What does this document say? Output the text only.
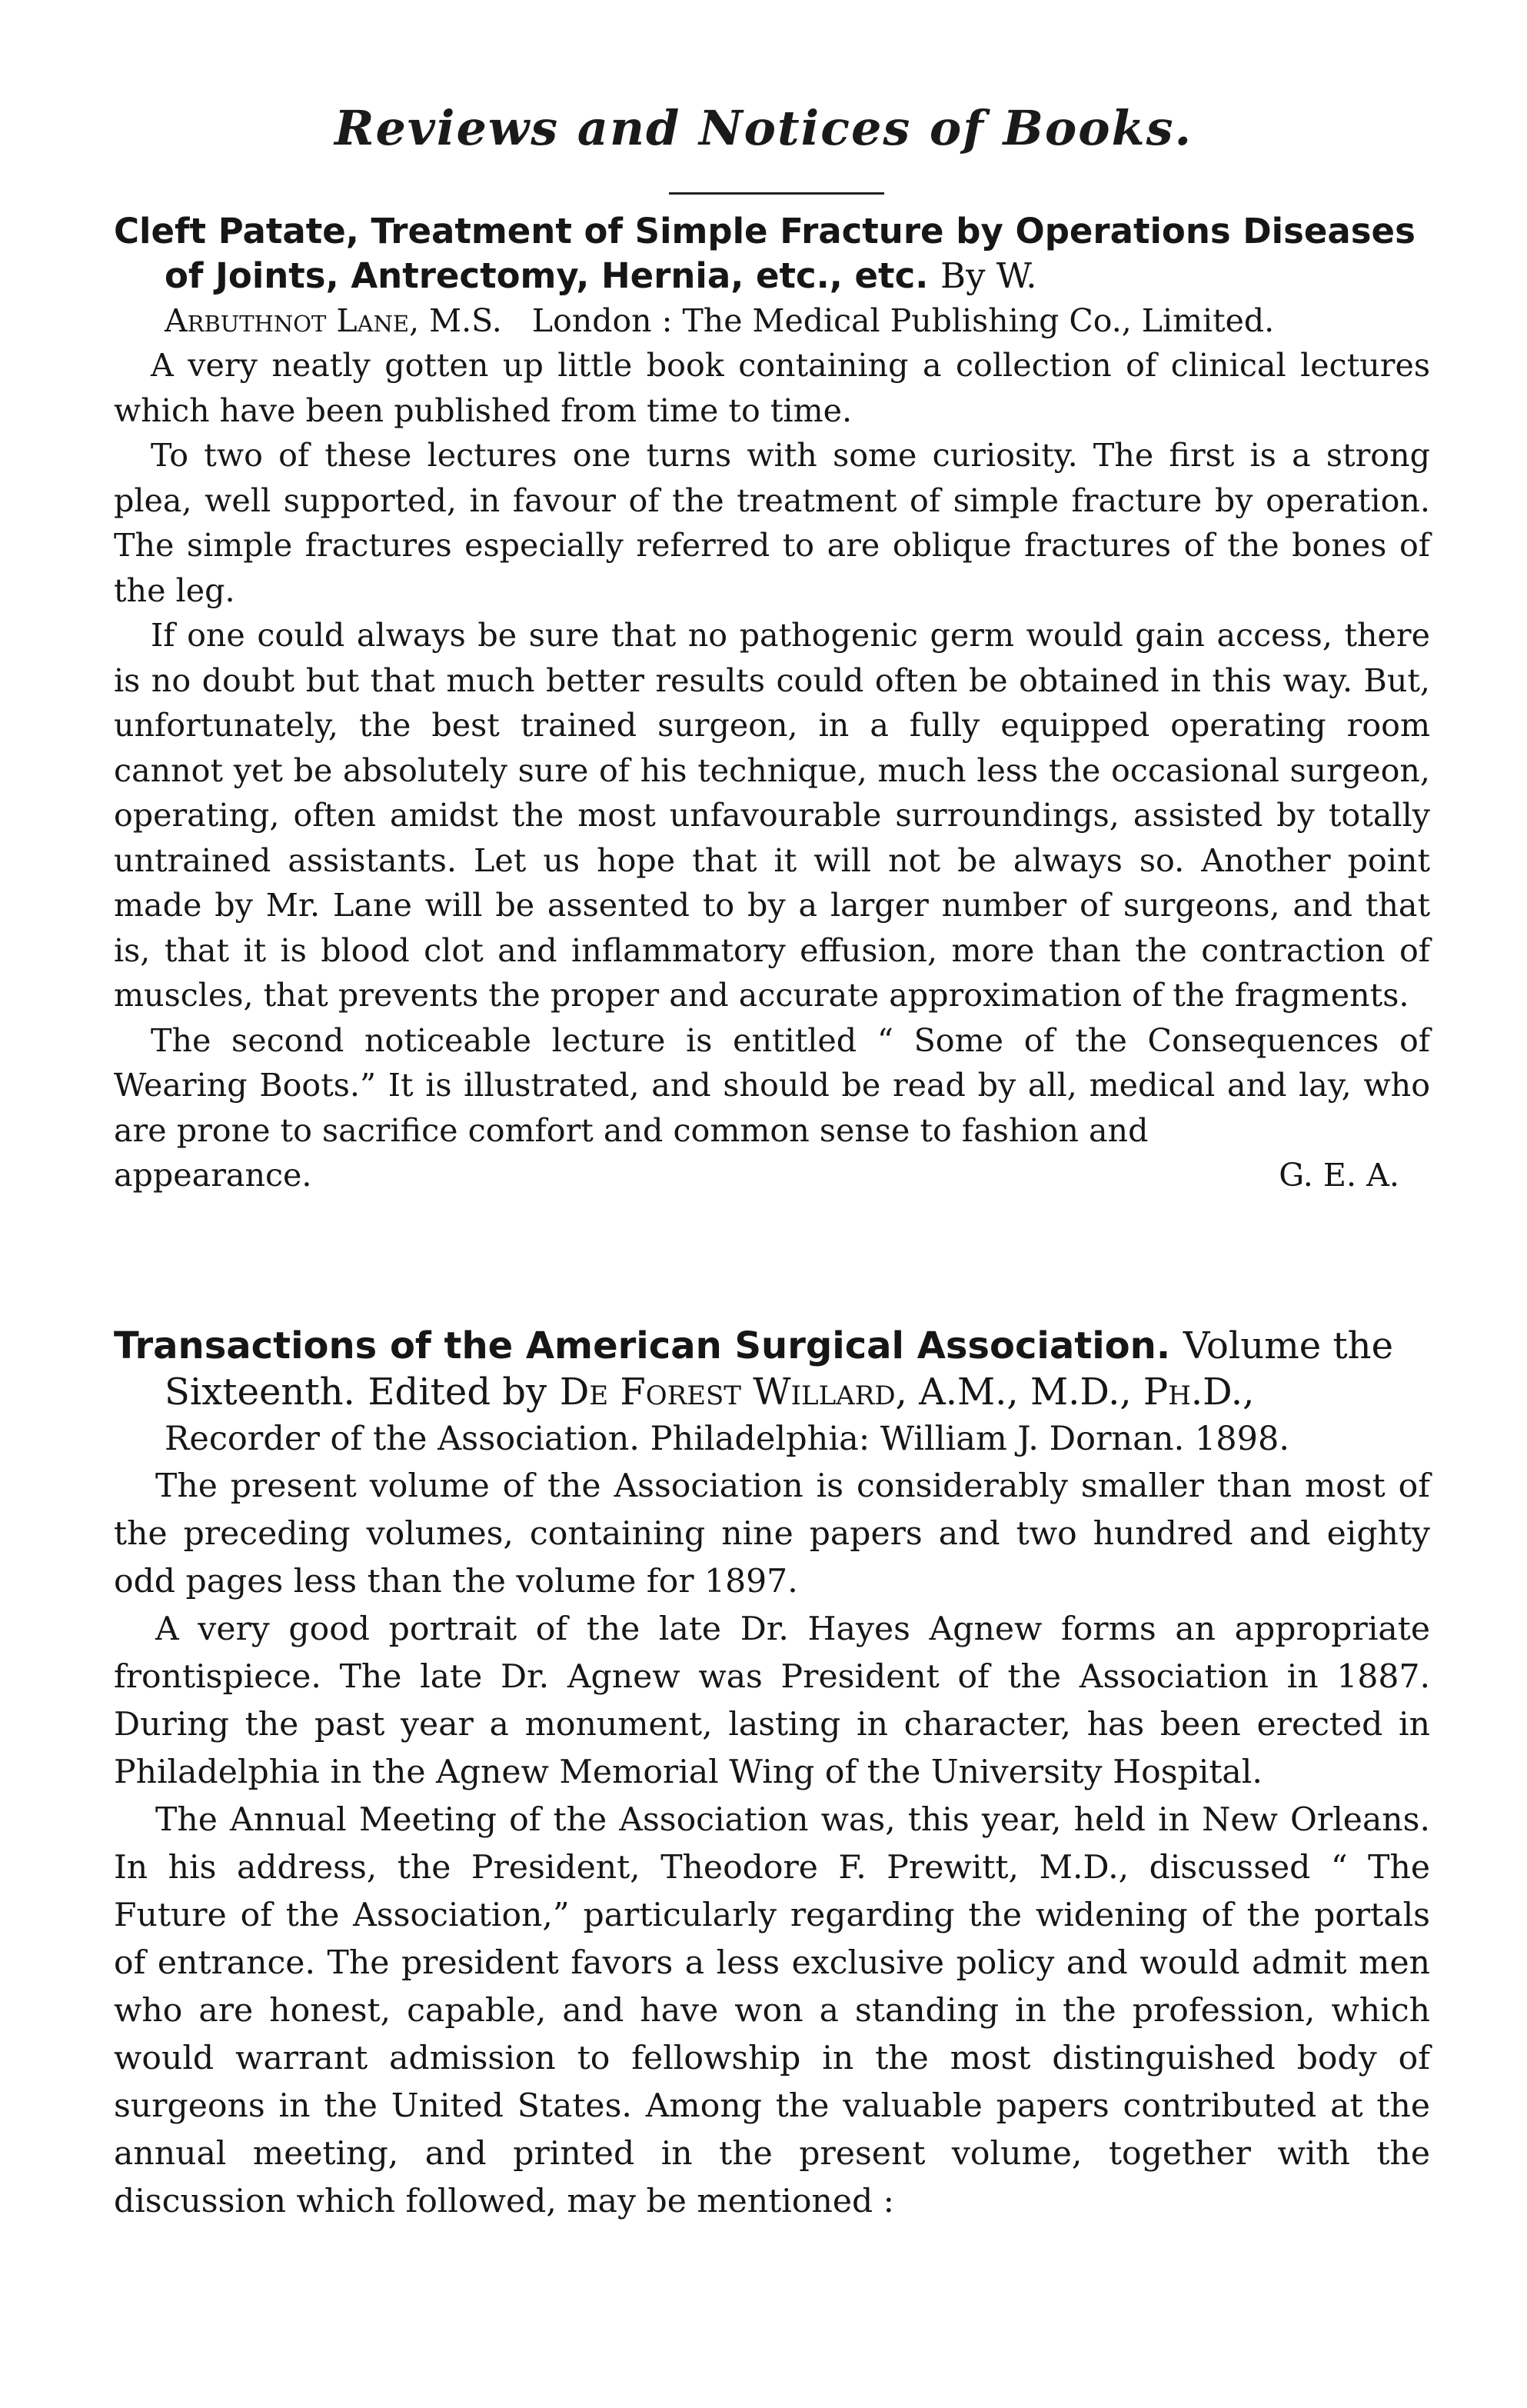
Reviews and Notices of Books.

Cleft Patate, Treatment of Simple Fracture by Operations Diseases of Joints, Antrectomy, Hernia, etc., etc. By W.

Arbuthnot Lane, M.S. London : The Medical Publishing Co., Limited.

A very neatly gotten up little book containing a collection of clinical lectures which have been published from time to time.

To two of these lectures one turns with some curiosity. The first is a strong plea, well supported, in favour of the treatment of simple fracture by operation. The simple fractures especially referred to are oblique fractures of the bones of the leg.

If one could always be sure that no pathogenic germ would gain access, there is no doubt but that much better results could often be obtained in this way. But, unfortunately, the best trained surgeon, in a fully equipped operating room cannot yet be absolutely sure of his technique, much less the occasional surgeon, operating, often amidst the most unfavourable surroundings, assisted by totally untrained assistants. Let us hope that it will not be always so. Another point made by Mr. Lane will be assented to by a larger number of surgeons, and that is, that it is blood clot and inflammatory effusion, more than the contraction of muscles, that prevents the proper and accurate approximation of the fragments.

The second noticeable lecture is entitled “ Some of the Consequences of Wearing Boots.” It is illustrated, and should be read by all, medical and lay, who are prone to sacrifice comfort and common sense to fashion and

appearance.	G. E. A.

Transactions of the American Surgical Association. Volume the Sixteenth. Edited by De Forest Willard, A.M., M.D., Ph.D.,

Recorder of the Association. Philadelphia: William J. Dornan. 1898.

The present volume of the Association is considerably smaller than most of the preceding volumes, containing nine papers and two hundred and eighty odd pages less than the volume for 1897.

A very good portrait of the late Dr. Hayes Agnew forms an appropriate frontispiece. The late Dr. Agnew was President of the Association in 1887. During the past year a monument, lasting in character, has been erected in Philadelphia in the Agnew Memorial Wing of the University Hospital.

The Annual Meeting of the Association was, this year, held in New Orleans. In his address, the President, Theodore F. Prewitt, M.D., discussed “ The Future of the Association,” particularly regarding the widening of the portals of entrance. The president favors a less exclusive policy and would admit men who are honest, capable, and have won a standing in the profession, which would warrant admission to fellowship in the most distinguished body of surgeons in the United States. Among the valuable papers contributed at the annual meeting, and printed in the present volume, together with the discussion which followed, may be mentioned :
